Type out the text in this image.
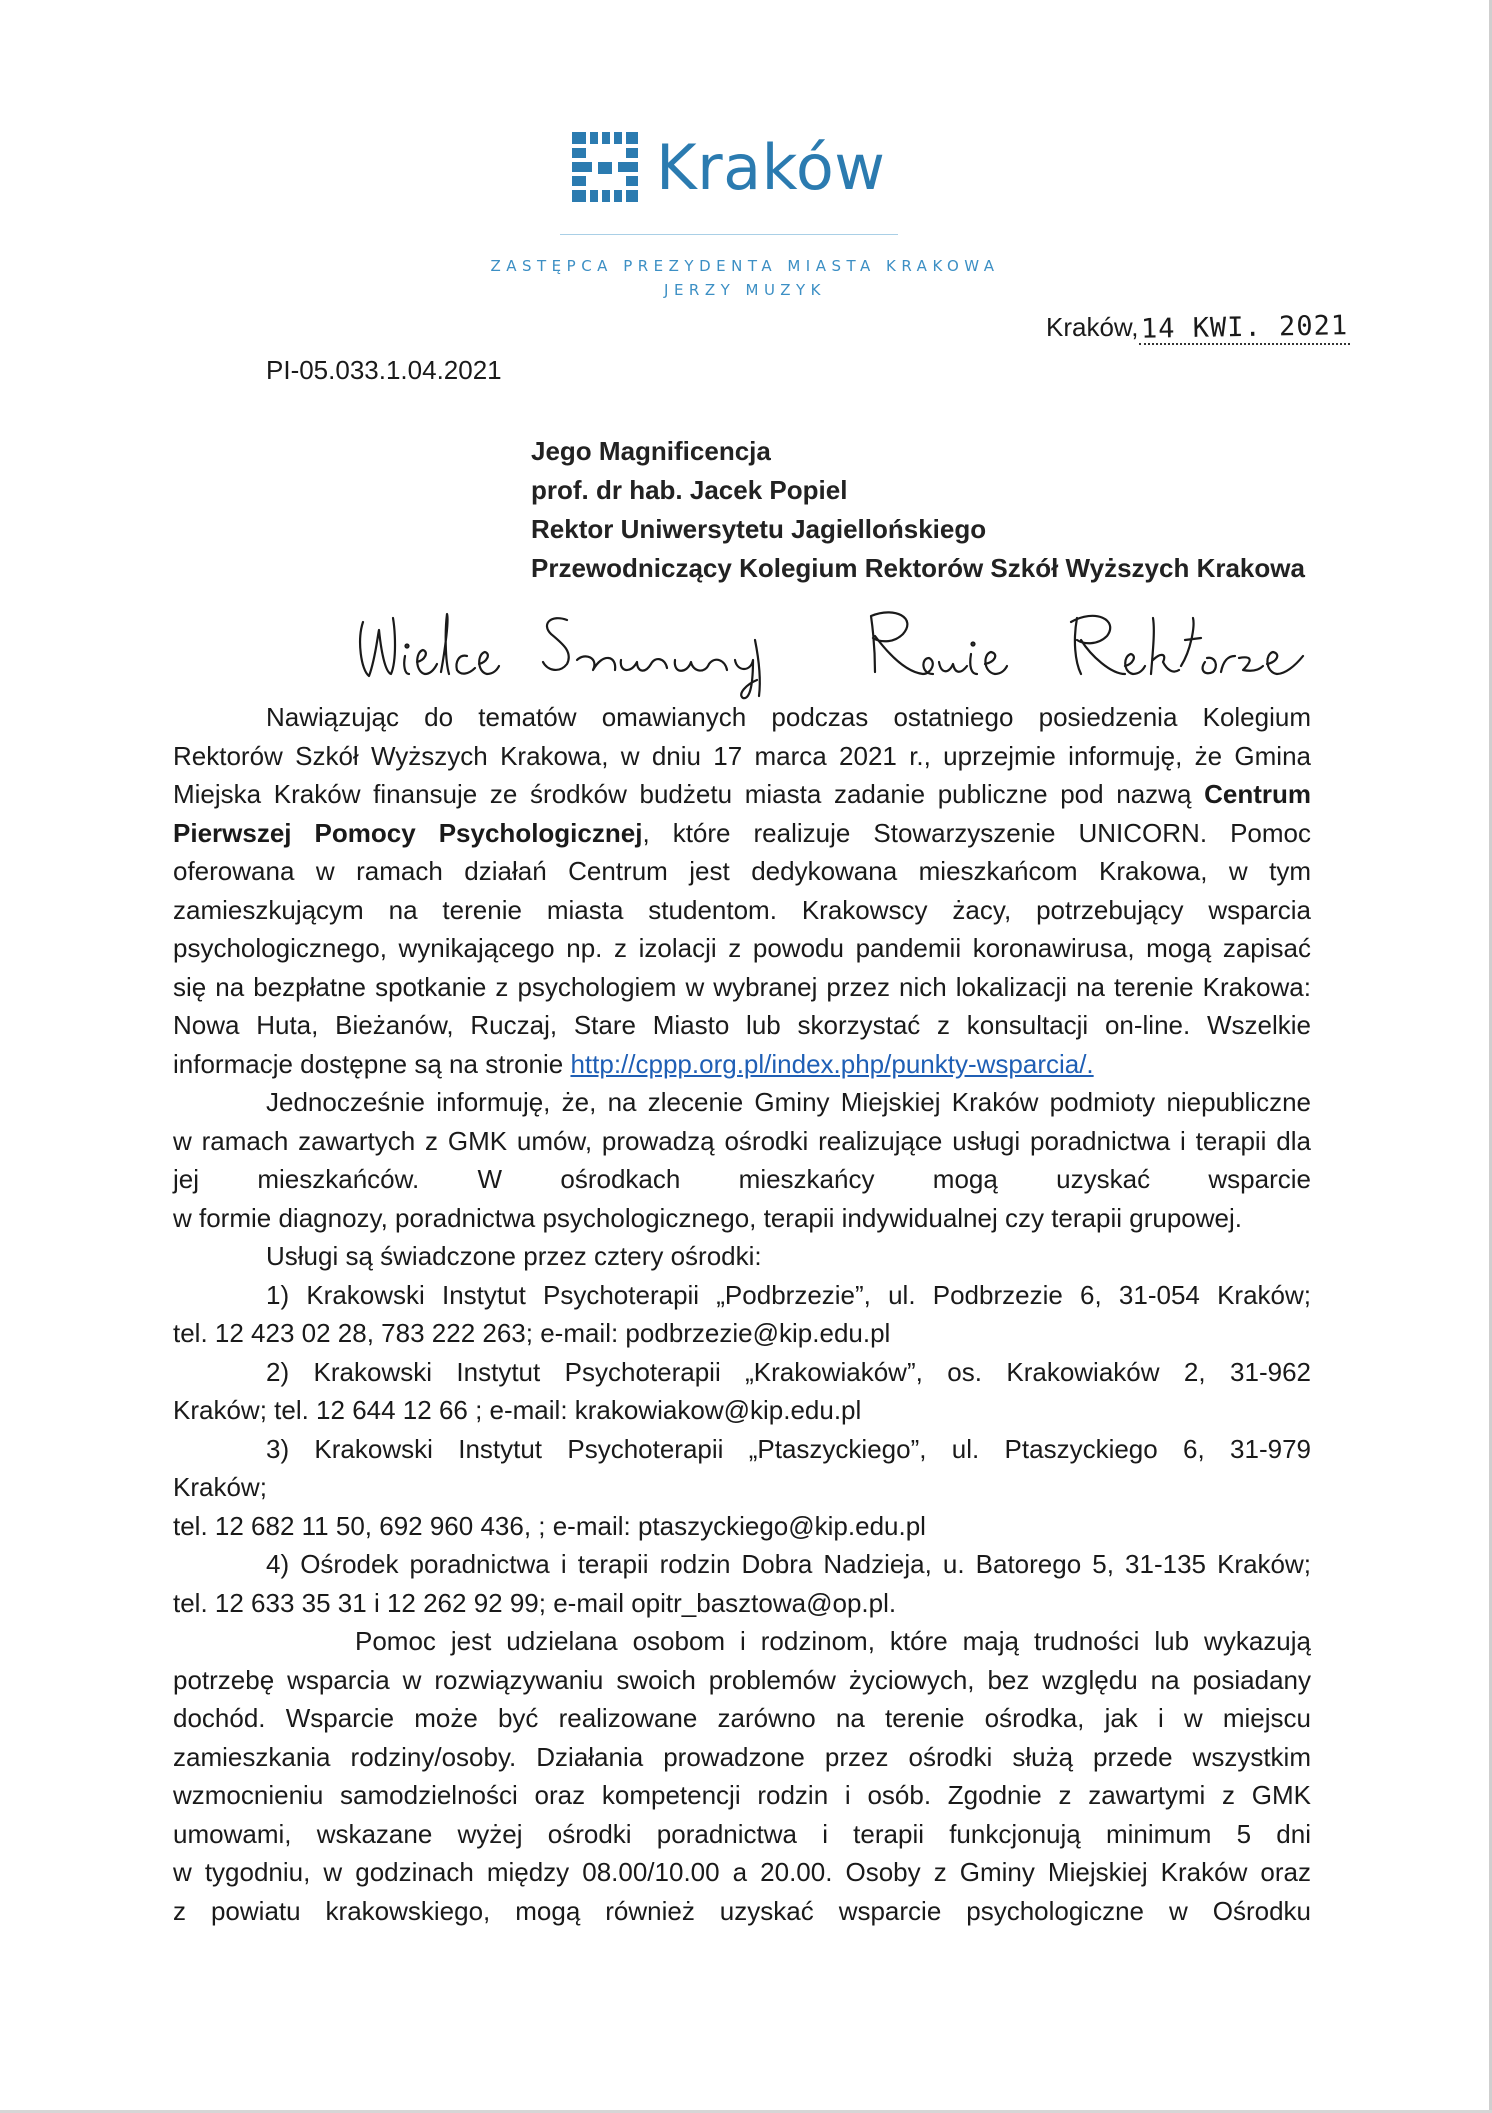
Kraków
ZASTĘPCA PREZYDENTA MIASTA KRAKOWA
JERZY MUZYK
Kraków,14 KWI. 2021
PI-05.033.1.04.2021
Jego Magnificencja
prof. dr hab. Jacek Popiel
Rektor Uniwersytetu Jagiellońskiego
Przewodniczący Kolegium Rektorów Szkół Wyższych Krakowa

Nawiązując do tematów omawianych podczas ostatniego posiedzenia Kolegium

Rektorów Szkół Wyższych Krakowa, w dniu 17 marca 2021 r., uprzejmie informuję, że Gmina

Miejska Kraków finansuje ze środków budżetu miasta zadanie publiczne pod nazwą Centrum

Pierwszej Pomocy Psychologicznej, które realizuje Stowarzyszenie UNICORN. Pomoc

oferowana w ramach działań Centrum jest dedykowana mieszkańcom Krakowa, w tym

zamieszkującym na terenie miasta studentom. Krakowscy żacy, potrzebujący wsparcia

psychologicznego, wynikającego np. z izolacji z powodu pandemii koronawirusa, mogą zapisać

się na bezpłatne spotkanie z psychologiem w wybranej przez nich lokalizacji na terenie Krakowa:

Nowa Huta, Bieżanów, Ruczaj, Stare Miasto lub skorzystać z konsultacji on-line. Wszelkie

informacje dostępne są na stronie http://cppp.org.pl/index.php/punkty-wsparcia/.

Jednocześnie informuję, że, na zlecenie Gminy Miejskiej Kraków podmioty niepubliczne

w ramach zawartych z GMK umów, prowadzą ośrodki realizujące usługi poradnictwa i terapii dla

jej mieszkańców. W ośrodkach mieszkańcy mogą uzyskać wsparcie

w formie diagnozy, poradnictwa psychologicznego, terapii indywidualnej czy terapii grupowej.

Usługi są świadczone przez cztery ośrodki:

1) Krakowski Instytut Psychoterapii „Podbrzezie”, ul. Podbrzezie 6, 31-054 Kraków;

tel. 12 423 02 28, 783 222 263; e-mail: podbrzezie@kip.edu.pl

2) Krakowski Instytut Psychoterapii „Krakowiaków”, os. Krakowiaków 2, 31-962

Kraków; tel. 12 644 12 66 ; e-mail: krakowiakow@kip.edu.pl

3) Krakowski Instytut Psychoterapii „Ptaszyckiego”, ul. Ptaszyckiego 6, 31-979

Kraków;

tel. 12 682 11 50, 692 960 436, ; e-mail: ptaszyckiego@kip.edu.pl

4) Ośrodek poradnictwa i terapii rodzin Dobra Nadzieja, u. Batorego 5, 31-135 Kraków;

tel. 12 633 35 31 i 12 262 92 99; e-mail opitr_basztowa@op.pl.

Pomoc jest udzielana osobom i rodzinom, które mają trudności lub wykazują

potrzebę wsparcia w rozwiązywaniu swoich problemów życiowych, bez względu na posiadany

dochód. Wsparcie może być realizowane zarówno na terenie ośrodka, jak i w miejscu

zamieszkania rodziny/osoby. Działania prowadzone przez ośrodki służą przede wszystkim

wzmocnieniu samodzielności oraz kompetencji rodzin i osób. Zgodnie z zawartymi z GMK

umowami, wskazane wyżej ośrodki poradnictwa i terapii funkcjonują minimum 5 dni

w tygodniu, w godzinach między 08.00/10.00 a 20.00. Osoby z Gminy Miejskiej Kraków oraz

z powiatu krakowskiego, mogą również uzyskać wsparcie psychologiczne w Ośrodku
